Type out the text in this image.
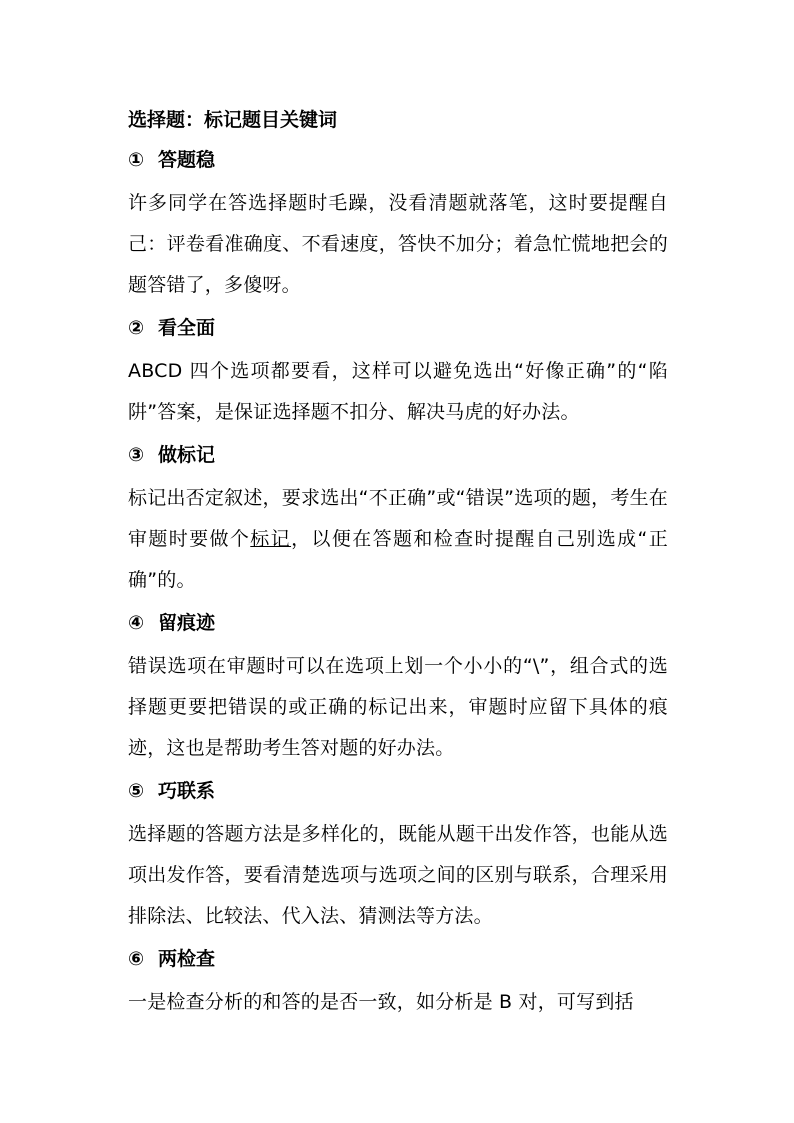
选择题：标记题目关键词
① 答题稳

许多同学在答选择题时毛躁，没看清题就落笔，这时要提醒自己：评卷看准确度、不看速度，答快不加分；着急忙慌地把会的题答错了，多傻呀。

② 看全面

ABCD 四个选项都要看，这样可以避免选出“好像正确”的“陷阱”答案，是保证选择题不扣分、解决马虎的好办法。

③ 做标记

标记出否定叙述，要求选出“不正确”或“错误”选项的题，考生在审题时要做个标记，以便在答题和检查时提醒自己别选成“正确”的。

④ 留痕迹

错误选项在审题时可以在选项上划一个小小的“\”，组合式的选择题更要把错误的或正确的标记出来，审题时应留下具体的痕迹，这也是帮助考生答对题的好办法。

⑤ 巧联系

选择题的答题方法是多样化的，既能从题干出发作答，也能从选项出发作答，要看清楚选项与选项之间的区别与联系，合理采用排除法、比较法、代入法、猜测法等方法。

⑥ 两检查

一是检查分析的和答的是否一致，如分析是 B 对，可写到括
